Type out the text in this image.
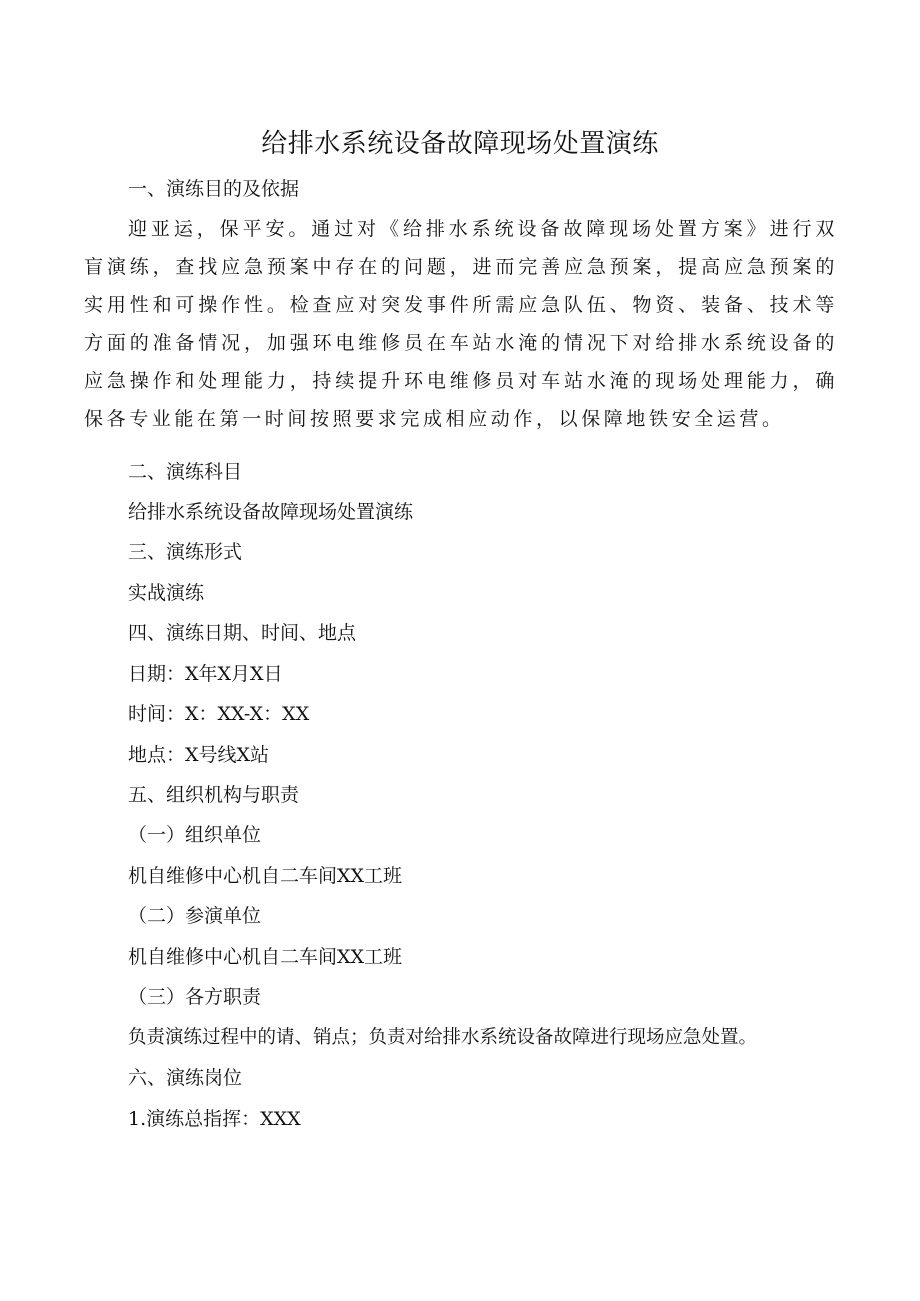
给排水系统设备故障现场处置演练
一、演练目的及依据

迎亚运，保平安。通过对《给排水系统设备故障现场处置方案》进行双盲演练，查找应急预案中存在的问题，进而完善应急预案，提高应急预案的实用性和可操作性。检查应对突发事件所需应急队伍、物资、装备、技术等方面的准备情况，加强环电维修员在车站水淹的情况下对给排水系统设备的应急操作和处理能力，持续提升环电维修员对车站水淹的现场处理能力，确保各专业能在第一时间按照要求完成相应动作，以保障地铁安全运营。

二、演练科目
给排水系统设备故障现场处置演练
三、演练形式
实战演练
四、演练日期、时间、地点
日期：X年X月X日
时间：X：XX-X：XX
地点：X号线X站
五、组织机构与职责
（一）组织单位
机自维修中心机自二车间XX工班
（二）参演单位
机自维修中心机自二车间XX工班
（三）各方职责
负责演练过程中的请、销点；负责对给排水系统设备故障进行现场应急处置。
六、演练岗位
1.演练总指挥：XXX
